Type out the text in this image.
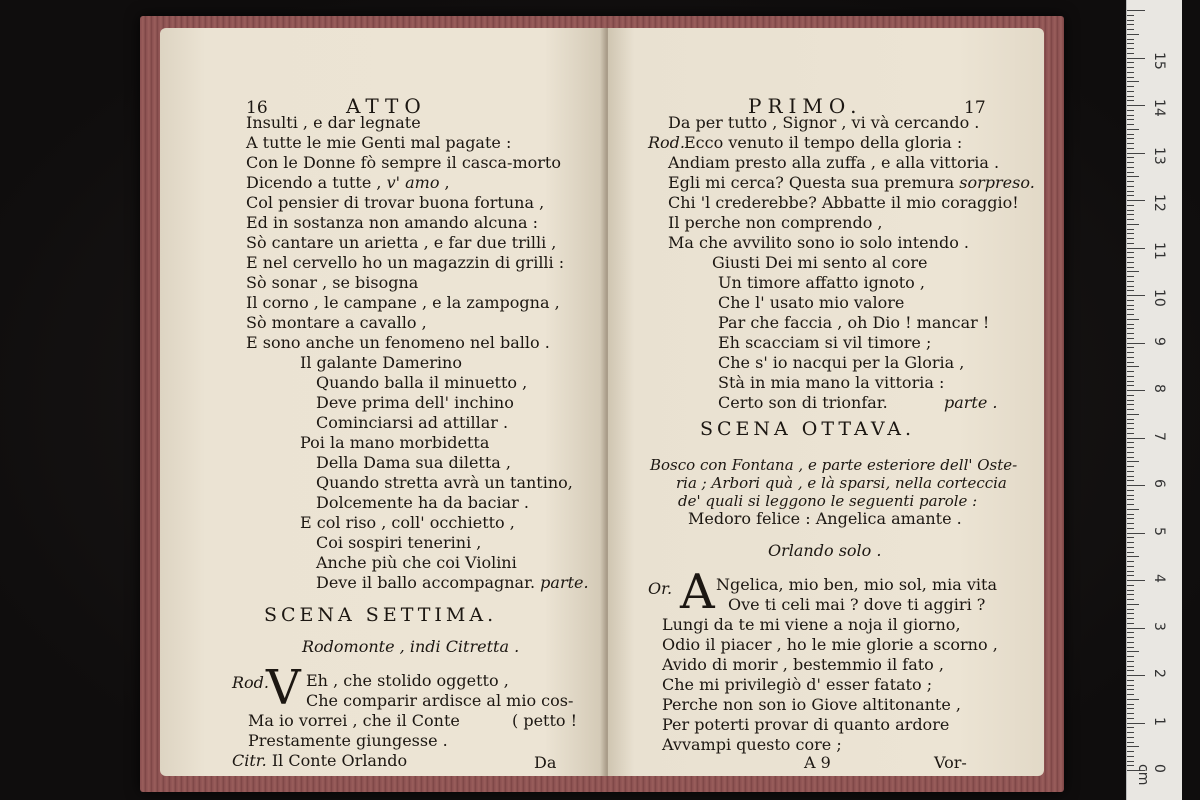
16	ATTO
Insulti , e dar legnate
A tutte le mie Genti mal pagate :
Con le Donne fò sempre il casca-morto
Dicendo a tutte , v' amo ,
Col pensier di trovar buona fortuna ,
Ed in sostanza non amando alcuna :
Sò cantare un arietta , e far due trilli ,
E nel cervello ho un magazzin di grilli :
Sò sonar , se bisogna
Il corno , le campane , e la zampogna ,
Sò montare a cavallo ,
E sono anche un fenomeno nel ballo .
Il galante Damerino
Quando balla il minuetto ,
Deve prima dell' inchino
Cominciarsi ad attillar .
Poi la mano morbidetta
Della Dama sua diletta ,
Quando stretta avrà un tantino,
Dolcemente ha da baciar .
E col riso , coll' occhietto ,
Coi sospiri tenerini ,
Anche più che coi Violini
Deve il ballo accompagnar. parte.
SCENA SETTIMA.
Rodomonte , indi Citretta .
Rod.
V Eh , che stolido oggetto ,
Che comparir ardisce al mio cos-
Ma io vorrei , che il Conte	( petto !
Prestamente giungesse .
Citr. Il Conte Orlando	Da
PRIMO.	17
Da per tutto , Signor , vi và cercando .
Rod.
Ecco venuto il tempo della gloria :
Andiam presto alla zuffa , e alla vittoria .
Egli mi cerca? Questa sua premura sorpreso.
Chi 'l crederebbe? Abbatte il mio coraggio!
Il perche non comprendo ,
Ma che avvilito sono io solo intendo .
Giusti Dei mi sento al core
Un timore affatto ignoto ,
Che l' usato mio valore
Par che faccia , oh Dio ! mancar !
Eh scacciam si vil timore ;
Che s' io nacqui per la Gloria ,
Stà in mia mano la vittoria :
Certo son di trionfar.	parte .
SCENA OTTAVA.
Bosco con Fontana , e parte esteriore dell' Oste-
ria ; Arbori quà , e là sparsi, nella corteccia
de' quali si leggono le seguenti parole :
Medoro felice : Angelica amante .
Orlando solo .
Or. A Ngelica, mio ben, mio sol, mia vita
Ove ti celi mai ? dove ti aggiri ?
Lungi da te mi viene a noja il giorno,
Odio il piacer , ho le mie glorie a scorno ,
Avido di morir , bestemmio il fato ,
Che mi privilegiò d' esser fatato ;
Perche non son io Giove altitonante ,
Per poterti provar di quanto ardore
Avvampi questo core ;
A 9	Vor-	0 cm
1
2
3
4
5
6
7
8
9
10
11
12
13
14
15
